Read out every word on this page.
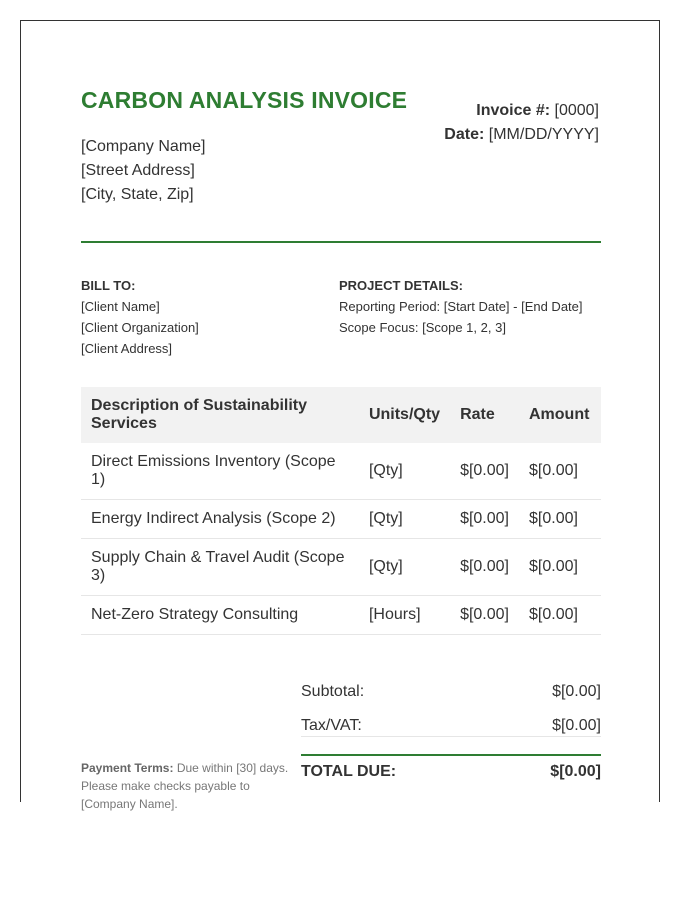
CARBON ANALYSIS INVOICE
[Company Name]
[Street Address]
[City, State, Zip]
Invoice #: [0000]
Date: [MM/DD/YYYY]
BILL TO:
[Client Name]
[Client Organization]
[Client Address]
PROJECT DETAILS:
Reporting Period: [Start Date] - [End Date]
Scope Focus: [Scope 1, 2, 3]
Description of Sustainability Services	Units/Qty	Rate	Amount
Direct Emissions Inventory (Scope 1)	[Qty]	$[0.00]	$[0.00]
Energy Indirect Analysis (Scope 2)	[Qty]	$[0.00]	$[0.00]
Supply Chain & Travel Audit (Scope 3)	[Qty]	$[0.00]	$[0.00]
Net-Zero Strategy Consulting	[Hours]	$[0.00]	$[0.00]
Subtotal:	$[0.00]
Tax/VAT:	$[0.00]
TOTAL DUE:	$[0.00]
Payment Terms: Due within [30] days. Please make checks payable to [Company Name].
